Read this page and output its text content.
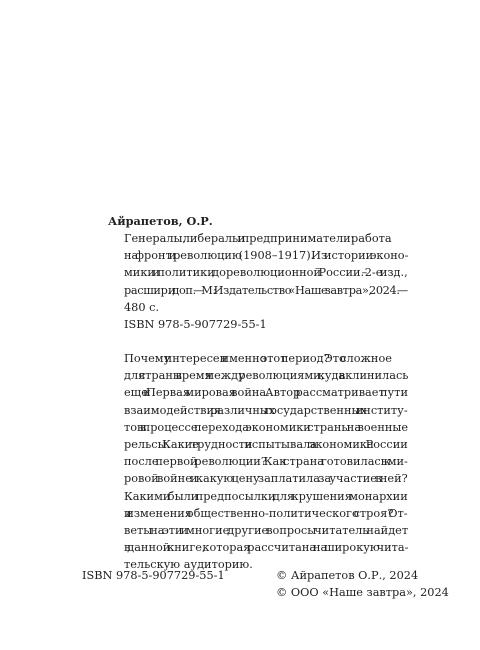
Айрапетов, О.Р.
Генералы, либералы и предприниматели: работа
на фронт и революцию (1908–1917). Из истории эконо-
мики и политики дореволюционной России. – 2-е изд.,
расшир. и доп. — М. : Издательство «Наше завтра», 2024. —
480 с.
ISBN 978-5-907729-55-1
Почему интересен именно этот период? Это сложное
для страны время между революциями, куда вклинилась
еще и Первая мировая война. Автор рассматривает пути
взаимодействия различных государственных институ-
тов в процессе перехода экономики страны на военные
рельсы. Какие трудности испытывала экономика России
после первой революции? Как страна готовилась к ми-
ровой войне и какую цену заплатила за участие в ней?
Какими были предпосылки для крушения монархии
и изменения общественно-политического строя? От-
веты на эти и многие другие вопросы читатель найдет
в данной книге, которая рассчитана на широкую чита-
тельскую аудиторию.
ISBN 978-5-907729-55-1	© Айрапетов О.Р., 2024
© ООО «Наше завтра», 2024
